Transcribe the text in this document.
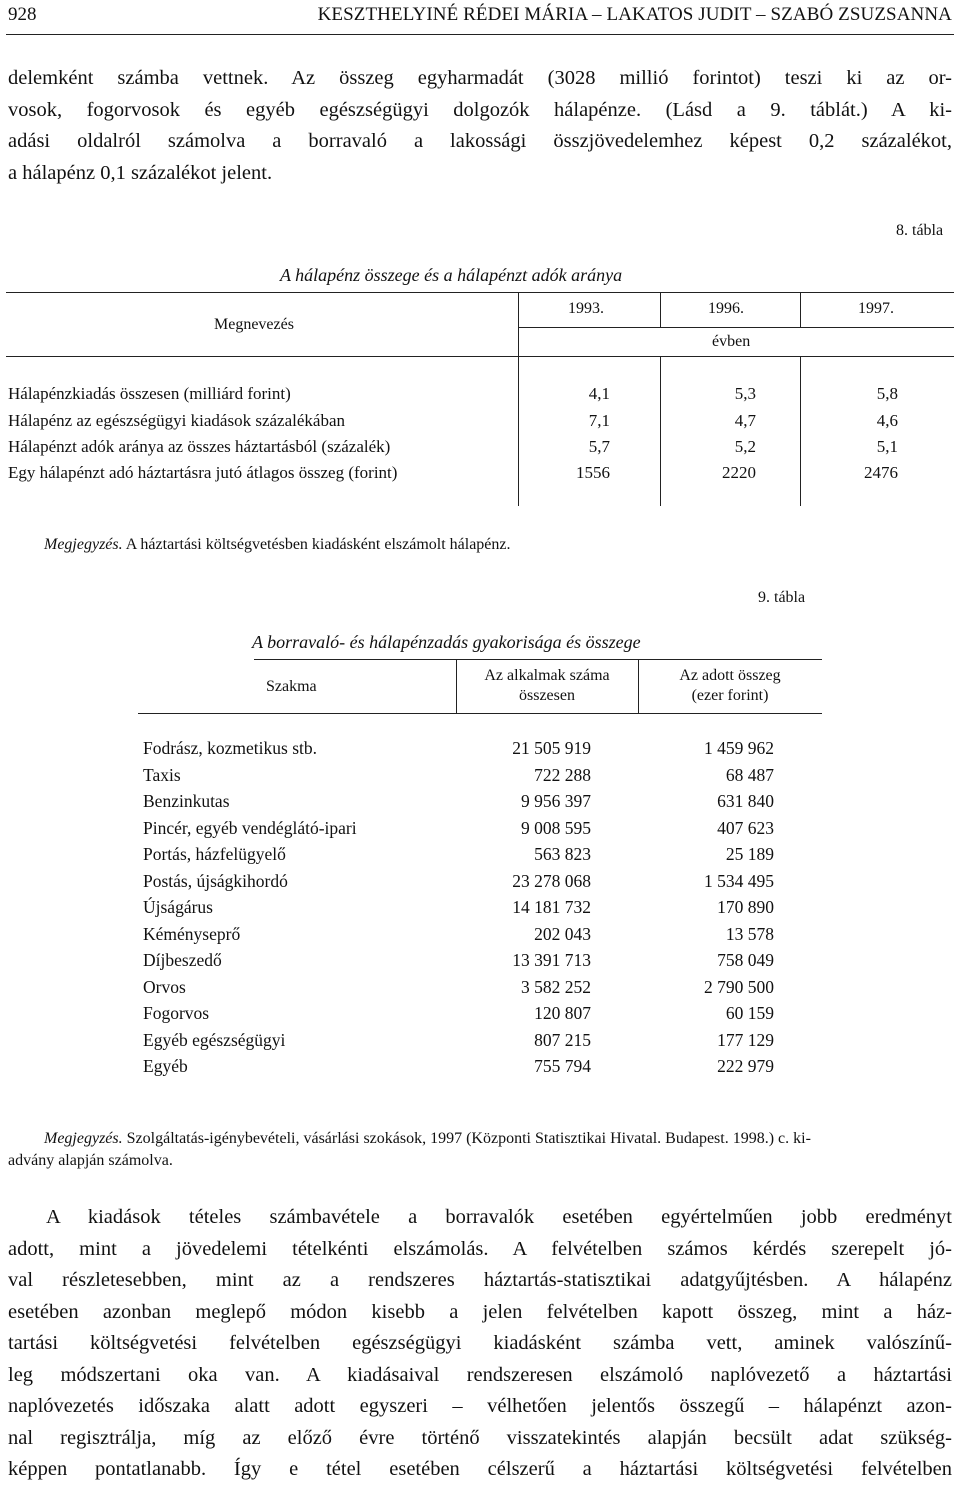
928	KESZTHELYINÉ RÉDEI MÁRIA – LAKATOS JUDIT – SZABÓ ZSUZSANNA
delemként számba vettnek. Az összeg egyharmadát (3028 millió forintot) teszi ki az or-
vosok, fogorvosok és egyéb egészségügyi dolgozók hálapénze. (Lásd a 9. táblát.) A ki-
adási oldalról számolva a borravaló a lakossági összjövedelemhez képest 0,2 százalékot,
a hálapénz 0,1 százalékot jelent.
8. tábla
A hálapénz összege és a hálapénzt adók aránya
Megnevezés
1993.	1996.	1997.
évben
Hálapénzkiadás összesen (milliárd forint)	4,1	5,3	5,8
Hálapénz az egészségügyi kiadások százalékában	7,1	4,7	4,6
Hálapénzt adók aránya az összes háztartásból (százalék)	5,7	5,2	5,1
Egy hálapénzt adó háztartásra jutó átlagos összeg (forint)	1556	2220	2476
Megjegyzés. A háztartási költségvetésben kiadásként elszámolt hálapénz.
9. tábla
A borravaló- és hálapénzadás gyakorisága és összege
Szakma
Az alkalmak száma
összesen
Az adott összeg
(ezer forint)
Fodrász, kozmetikus stb.	21 505 919	1 459 962
Taxis	722 288	68 487
Benzinkutas	9 956 397	631 840
Pincér, egyéb vendéglátó-ipari	9 008 595	407 623
Portás, házfelügyelő	563 823	25 189
Postás, újságkihordó	23 278 068	1 534 495
Újságárus	14 181 732	170 890
Kéményseprő	202 043	13 578
Díjbeszedő	13 391 713	758 049
Orvos	3 582 252	2 790 500
Fogorvos	120 807	60 159
Egyéb egészségügyi	807 215	177 129
Egyéb	755 794	222 979
Megjegyzés. Szolgáltatás-igénybevételi, vásárlási szokások, 1997 (Központi Statisztikai Hivatal. Budapest. 1998.) c. ki-
advány alapján számolva.
A kiadások tételes számbavétele a borravalók esetében egyértelműen jobb eredményt
adott, mint a jövedelemi tételkénti elszámolás. A felvételben számos kérdés szerepelt jó-
val részletesebben, mint az a rendszeres háztartás-statisztikai adatgyűjtésben. A hálapénz
esetében azonban meglepő módon kisebb a jelen felvételben kapott összeg, mint a ház-
tartási költségvetési felvételben egészségügyi kiadásként számba vett, aminek valószínű-
leg módszertani oka van. A kiadásaival rendszeresen elszámoló naplóvezető a háztartási
naplóvezetés időszaka alatt adott egyszeri – vélhetően jelentős összegű – hálapénzt azon-
nal regisztrálja, míg az előző évre történő visszatekintés alapján becsült adat szükség-
képpen pontatlanabb. Így e tétel esetében célszerű a háztartási költségvetési felvételben
